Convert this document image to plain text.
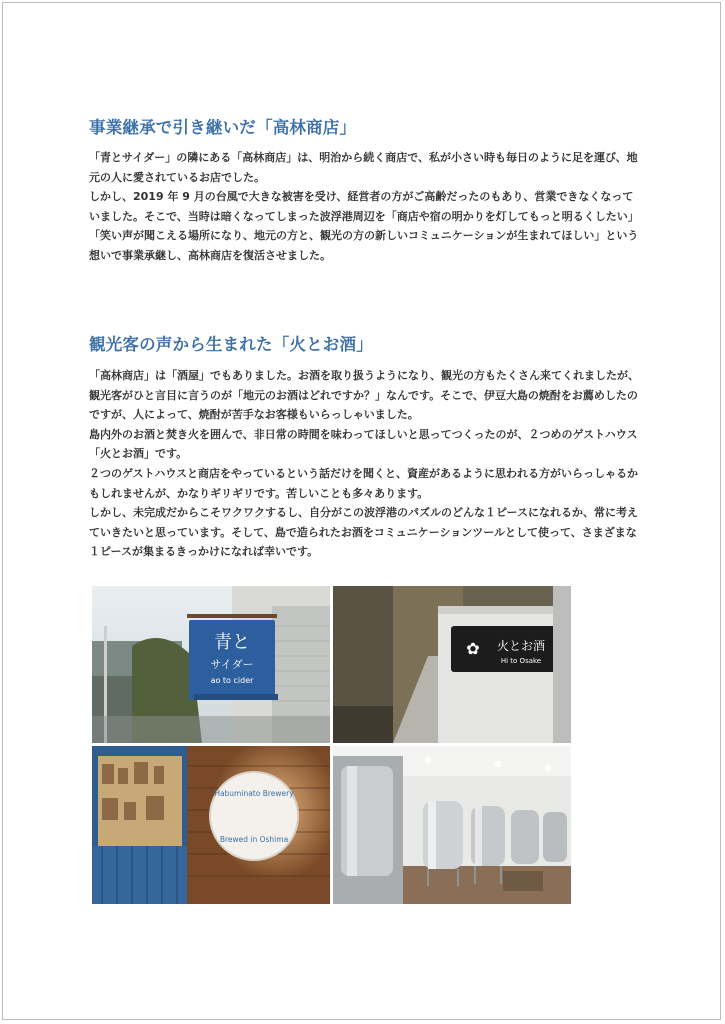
事業継承で引き継いだ「高林商店」

「青とサイダー」の隣にある「高林商店」は、明治から続く商店で、私が小さい時も毎日のように足を運び、地元の人に愛されているお店でした。

しかし、2019 年 9 月の台風で大きな被害を受け、経営者の方がご高齢だったのもあり、営業できなくなっていました。そこで、当時は暗くなってしまった波浮港周辺を「商店や宿の明かりを灯してもっと明るくしたい」「笑い声が聞こえる場所になり、地元の方と、観光の方の新しいコミュニケーションが生まれてほしい」という想いで事業承継し、高林商店を復活させました。

観光客の声から生まれた「火とお酒」

「高林商店」は「酒屋」でもありました。お酒を取り扱うようになり、観光の方もたくさん来てくれましたが、観光客がひと言目に言うのが「地元のお酒はどれですか？」なんです。そこで、伊豆大島の焼酎をお薦めしたのですが、人によって、焼酎が苦手なお客様もいらっしゃいました。

島内外のお酒と焚き火を囲んで、非日常の時間を味わってほしいと思ってつくったのが、２つめのゲストハウス「火とお酒」です。

２つのゲストハウスと商店をやっているという話だけを聞くと、資産があるように思われる方がいらっしゃるかもしれませんが、かなりギリギリです。苦しいことも多々あります。

しかし、未完成だからこそワクワクするし、自分がこの波浮港のパズルのどんな１ピースになれるか、常に考えていきたいと思っています。そして、島で造られたお酒をコミュニケーションツールとして使って、さまざまな１ピースが集まるきっかけになれば幸いです。

青と
サイダー
ao to cider
✿ 火とお酒
Hi to Osake
Habuminato Brewery
Brewed in Oshima
